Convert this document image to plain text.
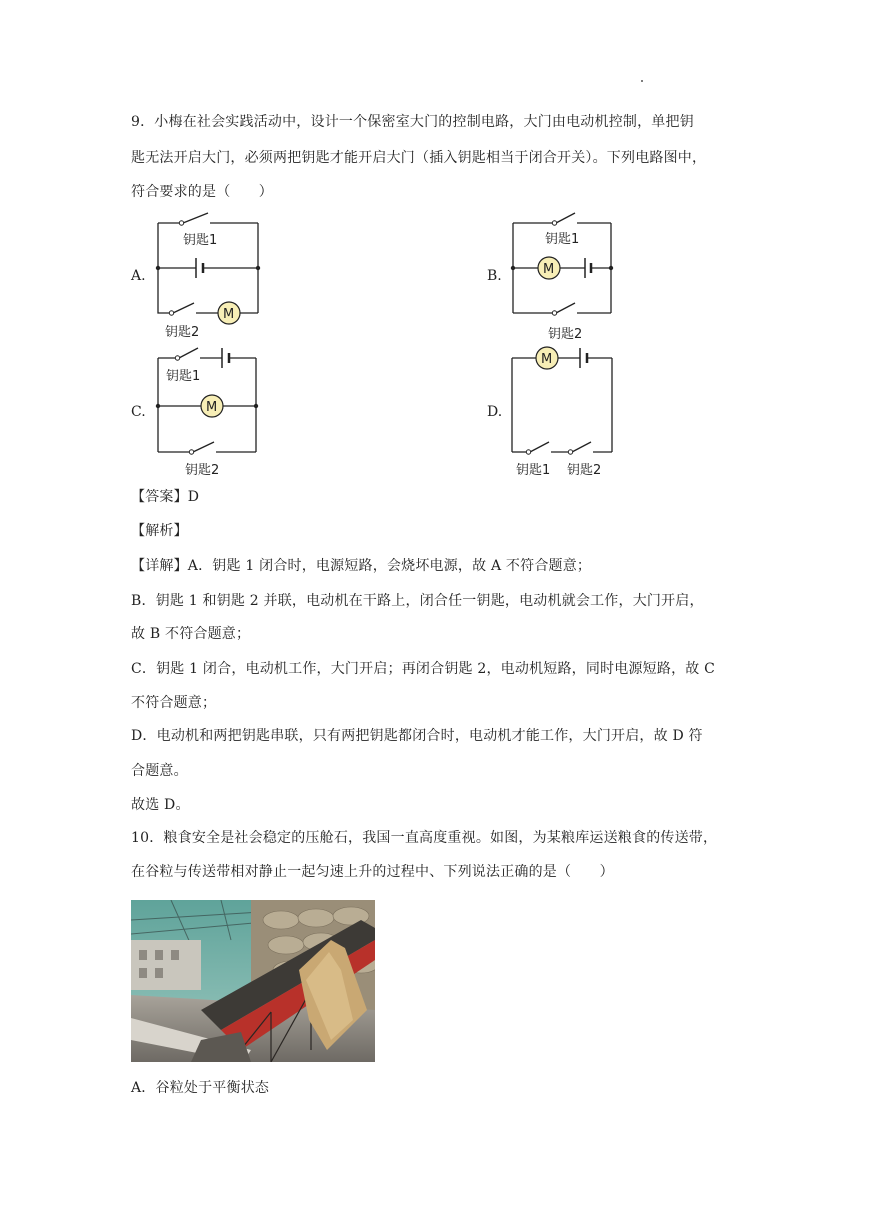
9．小梅在社会实践活动中，设计一个保密室大门的控制电路，大门由电动机控制，单把钥
匙无法开启大门，必须两把钥匙才能开启大门（插入钥匙相当于闭合开关）。下列电路图中，
符合要求的是（　　）
A.	B.
C.	D.
M
钥匙1
钥匙2
M
钥匙1
钥匙2
M
钥匙1
钥匙2
M
钥匙1 钥匙2
【答案】D
【解析】
【详解】A．钥匙 1 闭合时，电源短路，会烧坏电源，故 A 不符合题意；
B．钥匙 1 和钥匙 2 并联，电动机在干路上，闭合任一钥匙，电动机就会工作，大门开启，
故 B 不符合题意；
C．钥匙 1 闭合，电动机工作，大门开启；再闭合钥匙 2，电动机短路，同时电源短路，故 C
不符合题意；
D．电动机和两把钥匙串联，只有两把钥匙都闭合时，电动机才能工作，大门开启，故 D 符
合题意。
故选 D。
10．粮食安全是社会稳定的压舱石，我国一直高度重视。如图，为某粮库运送粮食的传送带，
在谷粒与传送带相对静止一起匀速上升的过程中、下列说法正确的是（　　）
A．谷粒处于平衡状态
